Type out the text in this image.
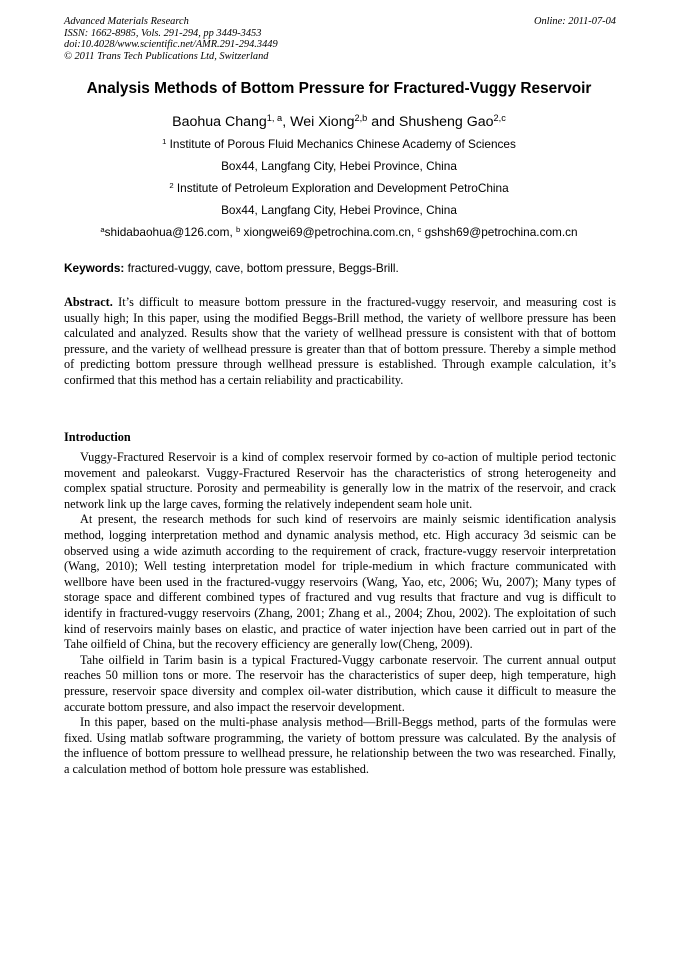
Advanced Materials Research
ISSN: 1662-8985, Vols. 291-294, pp 3449-3453
doi:10.4028/www.scientific.net/AMR.291-294.3449
© 2011 Trans Tech Publications Ltd, Switzerland
Online: 2011-07-04
Analysis Methods of Bottom Pressure for Fractured-Vuggy Reservoir
Baohua Chang$^{1, a}$, Wei Xiong$^{2,b}$ and Shusheng Gao$^{2,c}$
$^1$ Institute of Porous Fluid Mechanics Chinese Academy of Sciences
Box44, Langfang City, Hebei Province, China
$^2$ Institute of Petroleum Exploration and Development PetroChina
Box44, Langfang City, Hebei Province, China
$^a$shidabaohua@126.com, $^b$ xiongwei69@petrochina.com.cn, $^c$ gshsh69@petrochina.com.cn
Keywords: fractured-vuggy, cave, bottom pressure, Beggs-Brill.
Abstract. It’s difficult to measure bottom pressure in the fractured-vuggy reservoir, and measuring cost is usually high; In this paper, using the modified Beggs-Brill method, the variety of wellbore pressure has been calculated and analyzed. Results show that the variety of wellhead pressure is consistent with that of bottom pressure, and the variety of wellhead pressure is greater than that of bottom pressure. Thereby a simple method of predicting bottom pressure through wellhead pressure is established. Through example calculation, it’s confirmed that this method has a certain reliability and practicability.
Introduction

Vuggy-Fractured Reservoir is a kind of complex reservoir formed by co-action of multiple period tectonic movement and paleokarst. Vuggy-Fractured Reservoir has the characteristics of strong heterogeneity and complex spatial structure. Porosity and permeability is generally low in the matrix of the reservoir, and crack network link up the large caves, forming the relatively independent seam hole unit.

At present, the research methods for such kind of reservoirs are mainly seismic identification analysis method, logging interpretation method and dynamic analysis method, etc. High accuracy 3d seismic can be observed using a wide azimuth according to the requirement of crack, fracture-vuggy reservoir interpretation (Wang, 2010); Well testing interpretation model for triple-medium in which fracture communicated with wellbore have been used in the fractured-vuggy reservoirs (Wang, Yao, etc, 2006; Wu, 2007); Many types of storage space and different combined types of fractured and vug results that fracture and vug is difficult to identify in fractured-vuggy reservoirs (Zhang, 2001; Zhang et al., 2004; Zhou, 2002). The exploitation of such kind of reservoirs mainly bases on elastic, and practice of water injection have been carried out in part of the Tahe oilfield of China, but the recovery efficiency are generally low(Cheng, 2009).

Tahe oilfield in Tarim basin is a typical Fractured-Vuggy carbonate reservoir. The current annual output reaches 50 million tons or more. The reservoir has the characteristics of super deep, high temperature, high pressure, reservoir space diversity and complex oil-water distribution, which cause it difficult to measure the accurate bottom pressure, and also impact the reservoir development.

In this paper, based on the multi-phase analysis method—Brill-Beggs method, parts of the formulas were fixed. Using matlab software programming, the variety of bottom pressure was calculated. By the analysis of the influence of bottom pressure to wellhead pressure, he relationship between the two was researched. Finally, a calculation method of bottom hole pressure was established.
